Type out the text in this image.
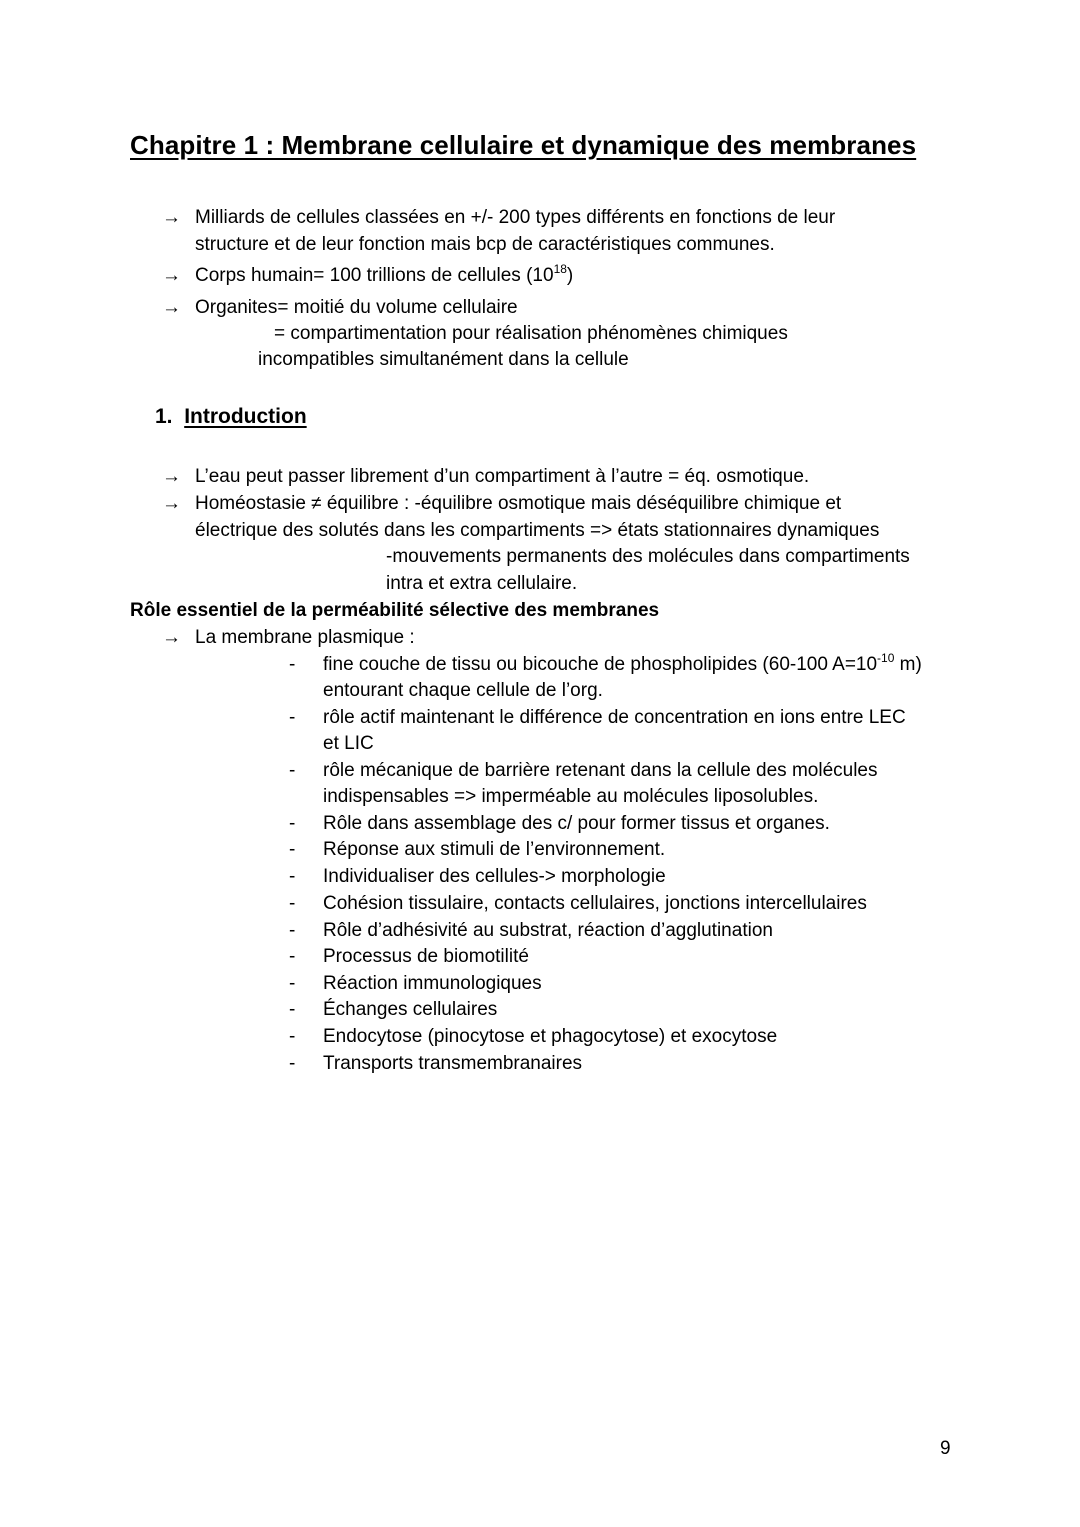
Chapitre 1 : Membrane cellulaire et dynamique des membranes
→ Milliards de cellules classées en +/- 200 types différents en fonctions de leur
structure et de leur fonction mais bcp de caractéristiques communes.
→ Corps humain= 100 trillions de cellules $(10^{18})$
→ Organites= moitié du volume cellulaire
= compartimentation pour réalisation phénomènes chimiques
incompatibles simultanément dans la cellule
1. Introduction
→ L’eau peut passer librement d’un compartiment à l’autre = éq. osmotique.
→ Homéostasie ≠ équilibre : -équilibre osmotique mais déséquilibre chimique et
électrique des solutés dans les compartiments => états stationnaires dynamiques
-mouvements permanents des molécules dans compartiments
intra et extra cellulaire.
Rôle essentiel de la perméabilité sélective des membranes
→ La membrane plasmique :
- fine couche de tissu ou bicouche de phospholipides (60-100 $A=10^{-10}$ m)
entourant chaque cellule de l’org.
- rôle actif maintenant le différence de concentration en ions entre LEC
et LIC
- rôle mécanique de barrière retenant dans la cellule des molécules
indispensables => imperméable au molécules liposolubles.
- Rôle dans assemblage des c/ pour former tissus et organes.
- Réponse aux stimuli de l’environnement.
- Individualiser des cellules-> morphologie
- Cohésion tissulaire, contacts cellulaires, jonctions intercellulaires
- Rôle d’adhésivité au substrat, réaction d’agglutination
- Processus de biomotilité
- Réaction immunologiques
- Échanges cellulaires
- Endocytose (pinocytose et phagocytose) et exocytose
- Transports transmembranaires
9
